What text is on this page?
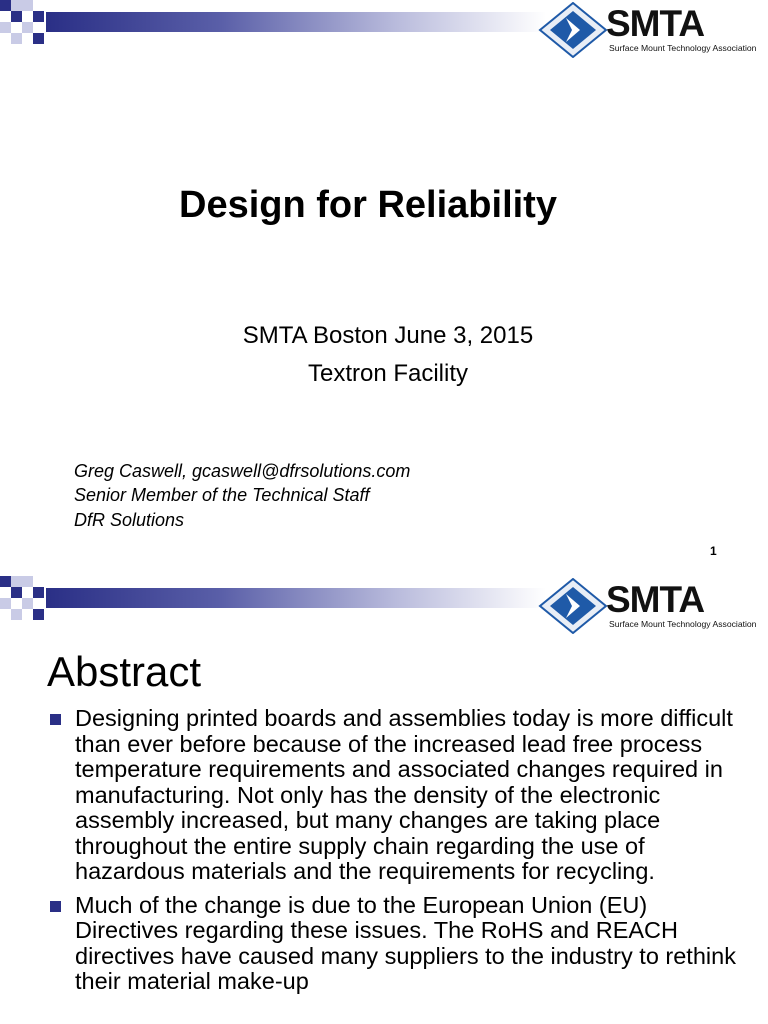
SMTA
Surface Mount Technology Association
Design for Reliability
SMTA Boston June 3, 2015
Textron Facility
Greg Caswell, gcaswell@dfrsolutions.com
Senior Member of the Technical Staff
DfR Solutions
1
SMTA
Surface Mount Technology Association
Abstract
Designing printed boards and assemblies today is more difficult than ever before because of the increased lead free process temperature requirements and associated changes required in manufacturing. Not only has the density of the electronic assembly increased, but many changes are taking place throughout the entire supply chain regarding the use of hazardous materials and the requirements for recycling.
Much of the change is due to the European Union (EU) Directives regarding these issues. The RoHS and REACH directives have caused many suppliers to the industry to rethink their material make-up
